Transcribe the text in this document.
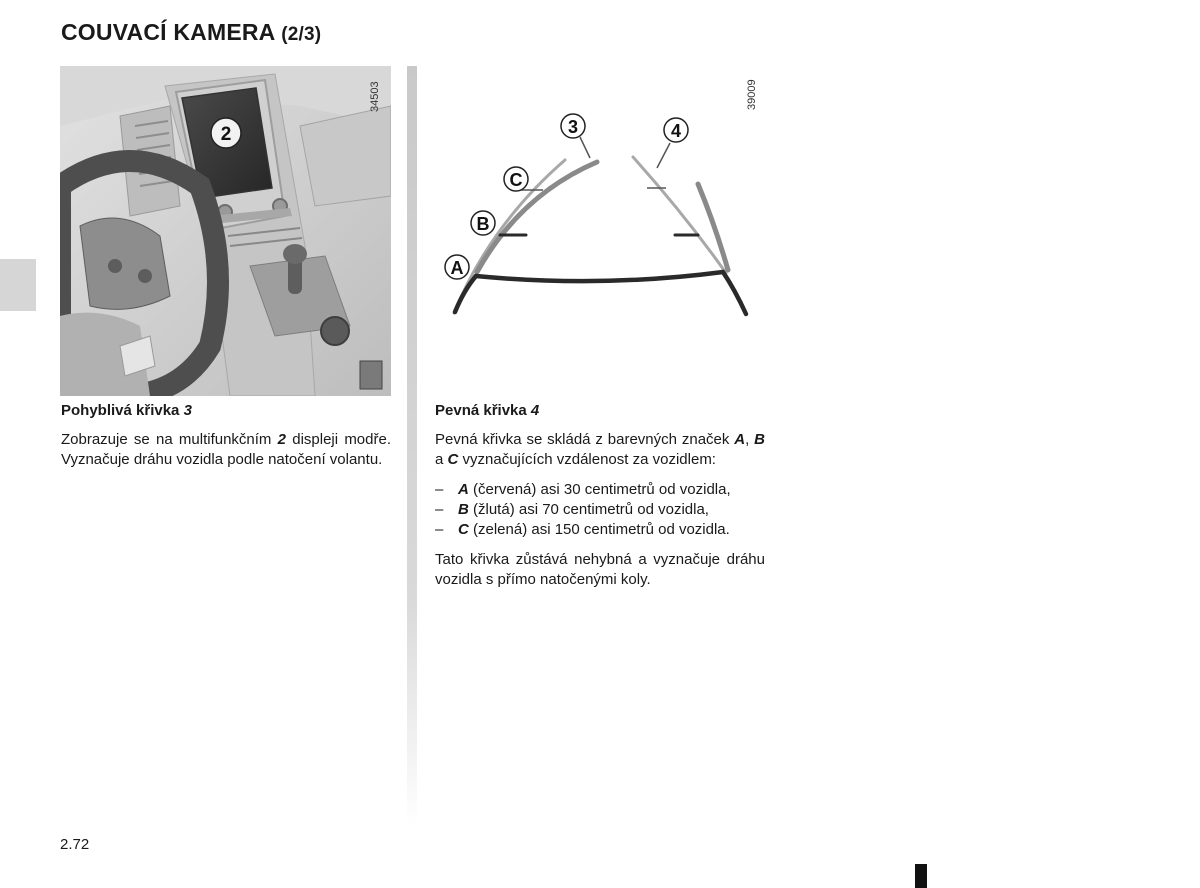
COUVACÍ KAMERA (2/3)
2
34503	39009
A
B
C
3	4
Pohyblivá křivka 3

Zobrazuje se na multifunkčním 2 displeji modře. Vyznačuje dráhu vozidla podle natočení volantu.

Pevná křivka 4

Pevná křivka se skládá z barevných značek A, B a C vyznačujících vzdálenost za vozidlem:

– A (červená) asi 30 centimetrů od vozidla,
– B (žlutá) asi 70 centimetrů od vozidla,
– C (zelená) asi 150 centimetrů od vozidla.

Tato křivka zůstává nehybná a vyznačuje dráhu vozidla s přímo natočenými koly.

2.72
